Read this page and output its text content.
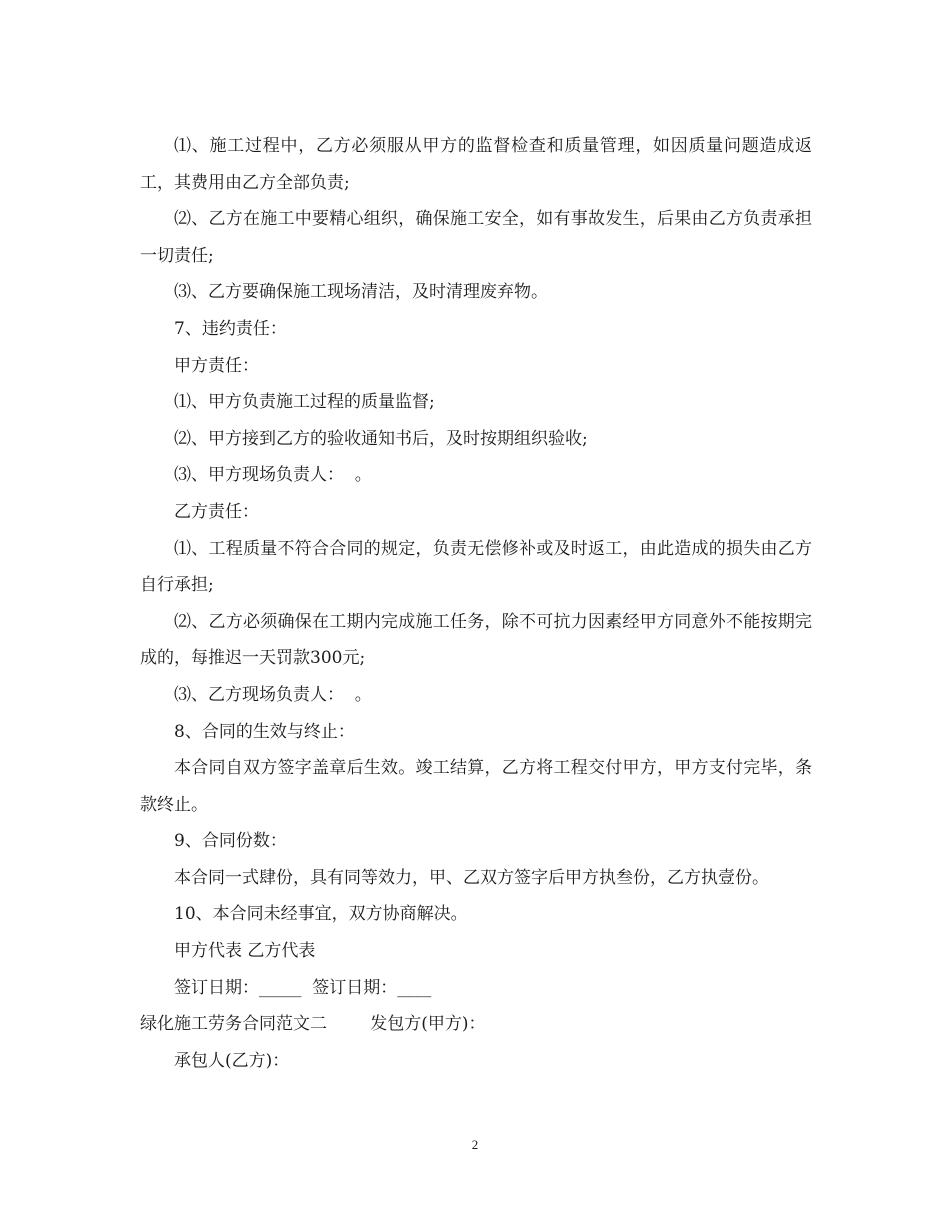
⑴、施工过程中，乙方必须服从甲方的监督检查和质量管理，如因质量问题造成返工，其费用由乙方全部负责;

⑵、乙方在施工中要精心组织，确保施工安全，如有事故发生，后果由乙方负责承担一切责任;

⑶、乙方要确保施工现场清洁，及时清理废弃物。

7、违约责任：

甲方责任：

⑴、甲方负责施工过程的质量监督;

⑵、甲方接到乙方的验收通知书后，及时按期组织验收;

⑶、甲方现场负责人：  。

乙方责任：

⑴、工程质量不符合合同的规定，负责无偿修补或及时返工，由此造成的损失由乙方自行承担;

⑵、乙方必须确保在工期内完成施工任务，除不可抗力因素经甲方同意外不能按期完成的，每推迟一天罚款300元;

⑶、乙方现场负责人：  。

8、合同的生效与终止：

本合同自双方签字盖章后生效。竣工结算，乙方将工程交付甲方，甲方支付完毕，条款终止。

9、合同份数：

本合同一式肆份，具有同等效力，甲、乙双方签字后甲方执叁份，乙方执壹份。

10、本合同未经事宜，双方协商解决。

甲方代表 乙方代表

签订日期：_____  签订日期：____

绿化施工劳务合同范文二        发包方(甲方)：

承包人(乙方)：

2
